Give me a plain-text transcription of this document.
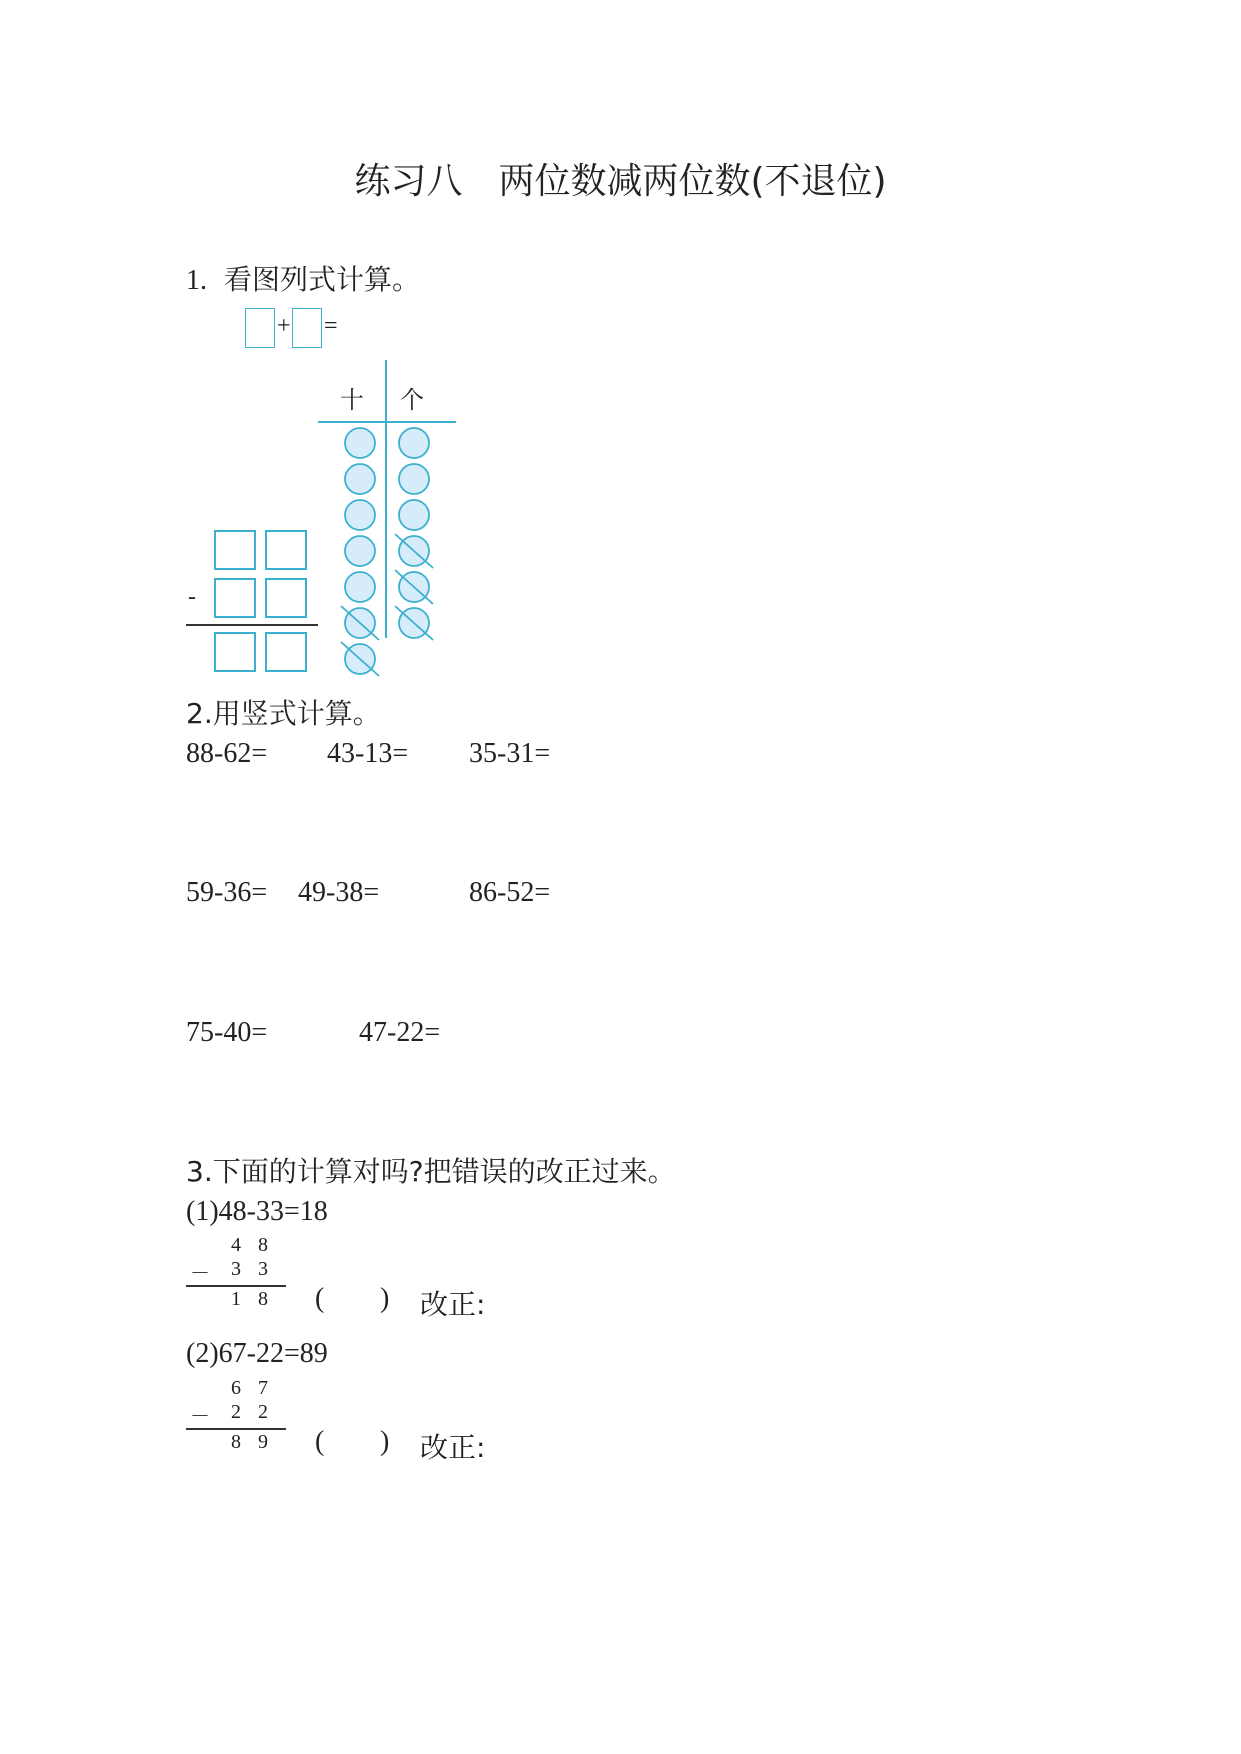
练习八　两位数减两位数(不退位)
1. 看图列式计算。
+ =
-
十 个
2.用竖式计算。
88-62= 43-13= 35-31=
59-36= 49-38=	86-52=
75-40=	47-22=
3.下面的计算对吗?把错误的改正过来。
(1)48-33=18
4 8
－ 3 3
1 8 ( ) 改正:
(2)67-22=89
6 7
－ 2 2
8 9 ( ) 改正:
